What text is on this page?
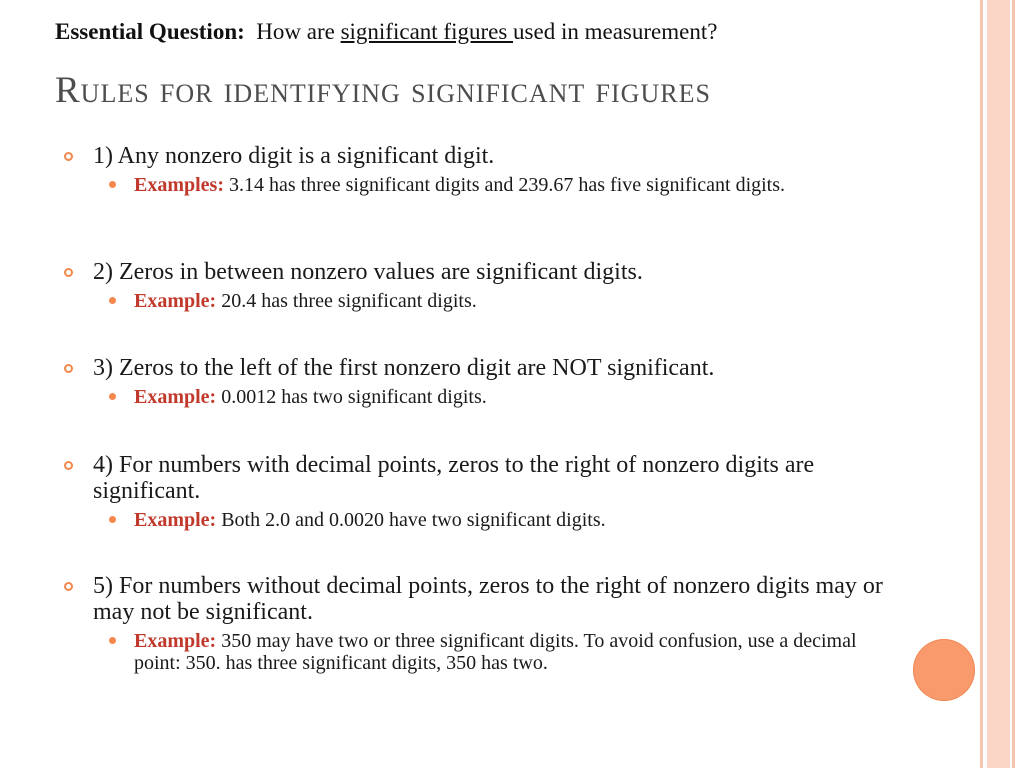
Essential Question: How are significant figures used in measurement?
Rules for identifying significant figures
1) Any nonzero digit is a significant digit.
Examples: 3.14 has three significant digits and 239.67 has five significant digits.
2) Zeros in between nonzero values are significant digits.
Example: 20.4 has three significant digits.
3) Zeros to the left of the first nonzero digit are NOT significant.
Example: 0.0012 has two significant digits.
4) For numbers with decimal points, zeros to the right of nonzero digits are significant.
Example: Both 2.0 and 0.0020 have two significant digits.
5) For numbers without decimal points, zeros to the right of nonzero digits may or may not be significant.
Example: 350 may have two or three significant digits. To avoid confusion, use a decimal point: 350. has three significant digits, 350 has two.
